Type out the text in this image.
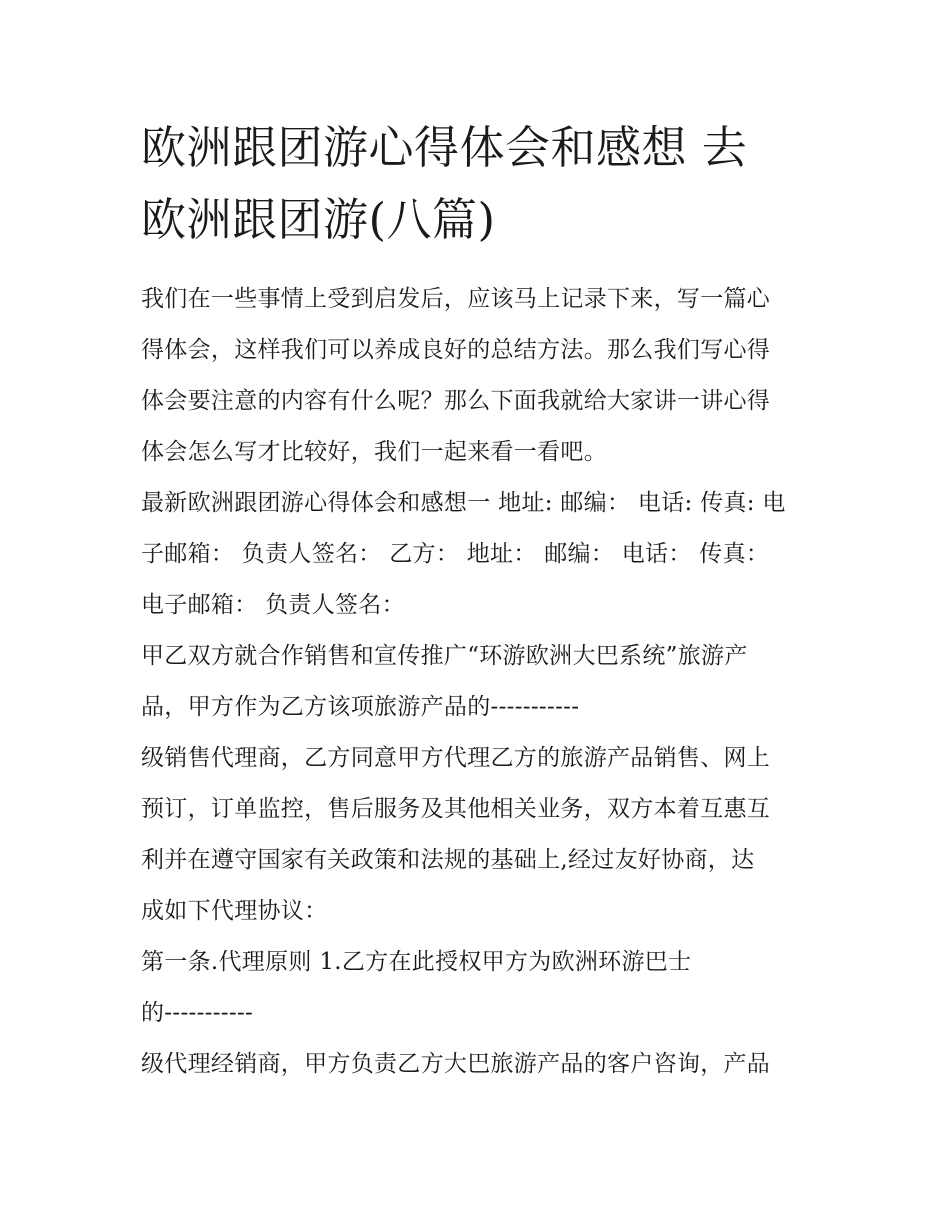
欧洲跟团游心得体会和感想 去
欧洲跟团游(八篇)

我们在一些事情上受到启发后，应该马上记录下来，写一篇心
得体会，这样我们可以养成良好的总结方法。那么我们写心得
体会要注意的内容有什么呢？那么下面我就给大家讲一讲心得
体会怎么写才比较好，我们一起来看一看吧。

最新欧洲跟团游心得体会和感想一 地址: 邮编： 电话: 传真: 电
子邮箱： 负责人签名： 乙方： 地址： 邮编： 电话： 传真：
电子邮箱： 负责人签名：

甲乙双方就合作销售和宣传推广“环游欧洲大巴系统”旅游产
品，甲方作为乙方该项旅游产品的-----------

级销售代理商，乙方同意甲方代理乙方的旅游产品销售、网上
预订，订单监控，售后服务及其他相关业务，双方本着互惠互
利并在遵守国家有关政策和法规的基础上,经过友好协商，达
成如下代理协议：

第一条.代理原则 1.乙方在此授权甲方为欧洲环游巴士
的-----------

级代理经销商，甲方负责乙方大巴旅游产品的客户咨询，产品
